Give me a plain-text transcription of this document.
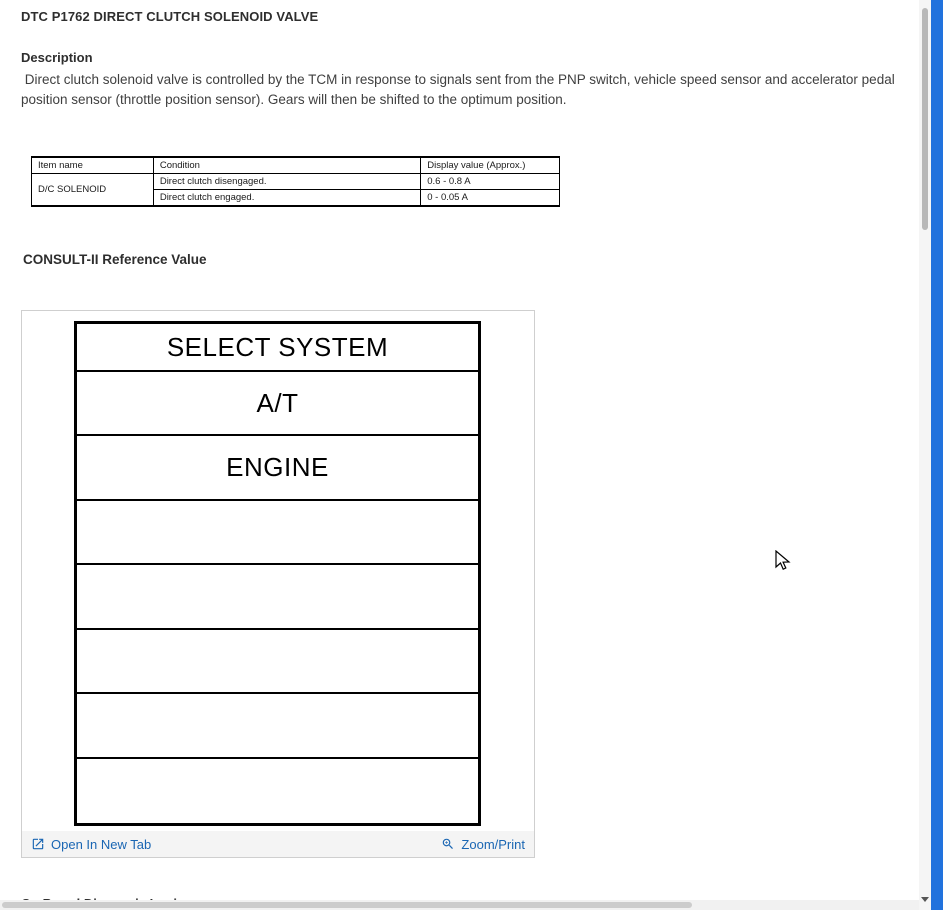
DTC P1762 DIRECT CLUTCH SOLENOID VALVE
Description
Direct clutch solenoid valve is controlled by the TCM in response to signals sent from the PNP switch, vehicle speed sensor and accelerator pedal position sensor (throttle position sensor). Gears will then be shifted to the optimum position.
Item name	Condition	Display value (Approx.)
D/C SOLENOID	Direct clutch disengaged.	0.6 - 0.8 A
	Direct clutch engaged.	0 - 0.05 A
CONSULT-II Reference Value
SELECT SYSTEM
A/T
ENGINE
Open In New Tab	Zoom/Print
